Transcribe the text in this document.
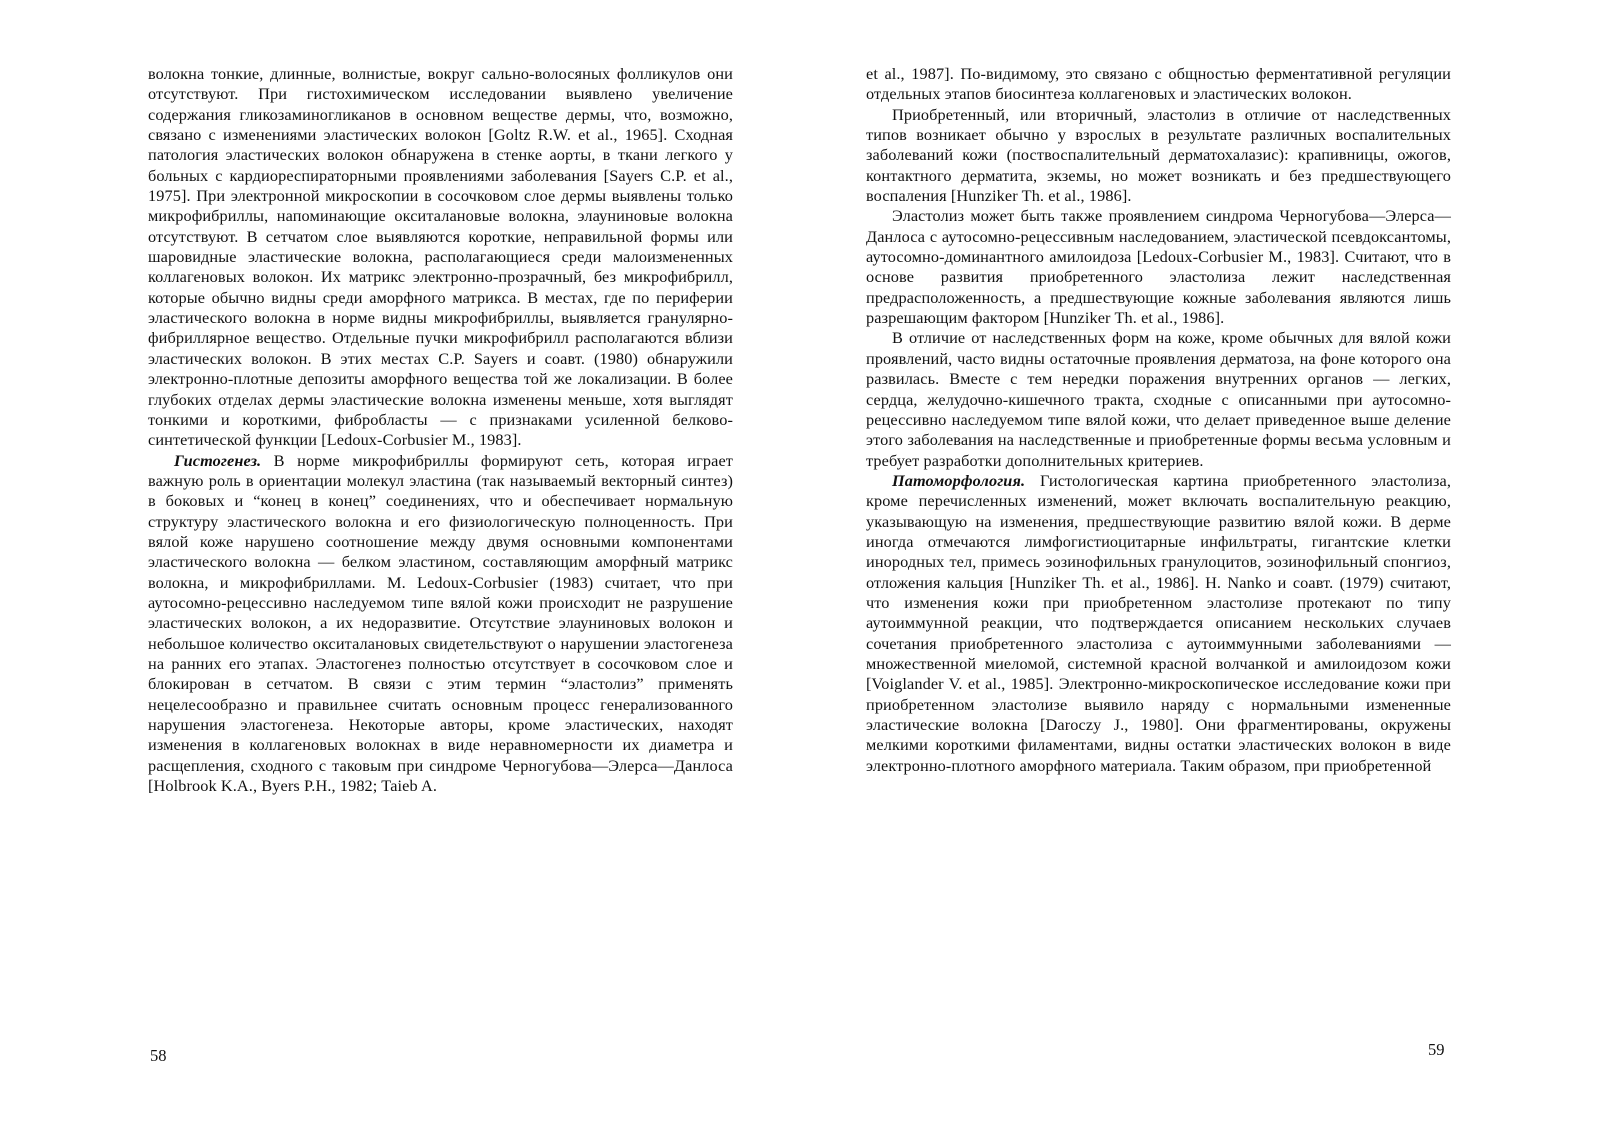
волокна тонкие, длинные, волнистые, вокруг сально-волосяных фолликулов они отсутствуют. При гистохимическом исследовании выявлено увеличение содержания гликозаминогликанов в основном веществе дермы, что, возможно, связано с изменениями эластических волокон [Goltz R.W. et al., 1965]. Сходная патология эластических волокон обнаружена в стенке аорты, в ткани легкого у больных с кардиореспираторными проявлениями заболевания [Sayers C.P. et al., 1975]. При электронной микроскопии в сосочковом слое дермы выявлены только микрофибриллы, напоминающие окситалановые волокна, элауниновые волокна отсутствуют. В сетчатом слое выявляются короткие, неправильной формы или шаровидные эластические волокна, располагающиеся среди малоизмененных коллагеновых волокон. Их матрикс электронно-прозрачный, без микрофибрилл, которые обычно видны среди аморфного матрикса. В местах, где по периферии эластического волокна в норме видны микрофибриллы, выявляется гранулярно-фибриллярное вещество. Отдельные пучки микрофибрилл располагаются вблизи эластических волокон. В этих местах C.P. Sayers и соавт. (1980) обнаружили электронно-плотные депозиты аморфного вещества той же локализации. В более глубоких отделах дермы эластические волокна изменены меньше, хотя выглядят тонкими и короткими, фибробласты — с признаками усиленной белково-синтетической функции [Ledoux-Corbusier M., 1983].

Гистогенез. В норме микрофибриллы формируют сеть, которая играет важную роль в ориентации молекул эластина (так называемый векторный синтез) в боковых и “конец в конец” соединениях, что и обеспечивает нормальную структуру эластического волокна и его физиологическую полноценность. При вялой коже нарушено соотношение между двумя основными компонентами эластического волокна — белком эластином, составляющим аморфный матрикс волокна, и микрофибриллами. M. Ledoux-Corbusier (1983) считает, что при аутосомно-рецессивно наследуемом типе вялой кожи происходит не разрушение эластических волокон, а их недоразвитие. Отсутствие элауниновых волокон и небольшое количество окситалановых свидетельствуют о нарушении эластогенеза на ранних его этапах. Эластогенез полностью отсутствует в сосочковом слое и блокирован в сетчатом. В связи с этим термин “эластолиз” применять нецелесообразно и правильнее считать основным процесс генерализованного нарушения эластогенеза. Некоторые авторы, кроме эластических, находят изменения в коллагеновых волокнах в виде неравномерности их диаметра и расщепления, сходного с таковым при синдроме Черногубова—Элерса—Данлоса [Holbrook K.A., Byers P.H., 1982; Taieb A.

58

et al., 1987]. По-видимому, это связано с общностью ферментативной регуляции отдельных этапов биосинтеза коллагеновых и эластических волокон.

Приобретенный, или вторичный, эластолиз в отличие от наследственных типов возникает обычно у взрослых в результате различных воспалительных заболеваний кожи (поствоспалительный дерматохалазис): крапивницы, ожогов, контактного дерматита, экземы, но может возникать и без предшествующего воспаления [Hunziker Th. et al., 1986].

Эластолиз может быть также проявлением синдрома Черногубова—Элерса—Данлоса с аутосомно-рецессивным наследованием, эластической псевдоксантомы, аутосомно-доминантного амилоидоза [Ledoux-Corbusier M., 1983]. Считают, что в основе развития приобретенного эластолиза лежит наследственная предрасположенность, а предшествующие кожные заболевания являются лишь разрешающим фактором [Hunziker Th. et al., 1986].

В отличие от наследственных форм на коже, кроме обычных для вялой кожи проявлений, часто видны остаточные проявления дерматоза, на фоне которого она развилась. Вместе с тем нередки поражения внутренних органов — легких, сердца, желудочно-кишечного тракта, сходные с описанными при аутосомно-рецессивно наследуемом типе вялой кожи, что делает приведенное выше деление этого заболевания на наследственные и приобретенные формы весьма условным и требует разработки дополнительных критериев.

Патоморфология. Гистологическая картина приобретенного эластолиза, кроме перечисленных изменений, может включать воспалительную реакцию, указывающую на изменения, предшествующие развитию вялой кожи. В дерме иногда отмечаются лимфогистиоцитарные инфильтраты, гигантские клетки инородных тел, примесь эозинофильных гранулоцитов, эозинофильный спонгиоз, отложения кальция [Hunziker Th. et al., 1986]. H. Nanko и соавт. (1979) считают, что изменения кожи при приобретенном эластолизе протекают по типу аутоиммунной реакции, что подтверждается описанием нескольких случаев сочетания приобретенного эластолиза с аутоиммунными заболеваниями — множественной миеломой, системной красной волчанкой и амилоидозом кожи [Voiglander V. et al., 1985]. Электронно-микроскопическое исследование кожи при приобретенном эластолизе выявило наряду с нормальными измененные эластические волокна [Daroczy J., 1980]. Они фрагментированы, окружены мелкими короткими филаментами, видны остатки эластических волокон в виде электронно-плотного аморфного материала. Таким образом, при приобретенной

59
